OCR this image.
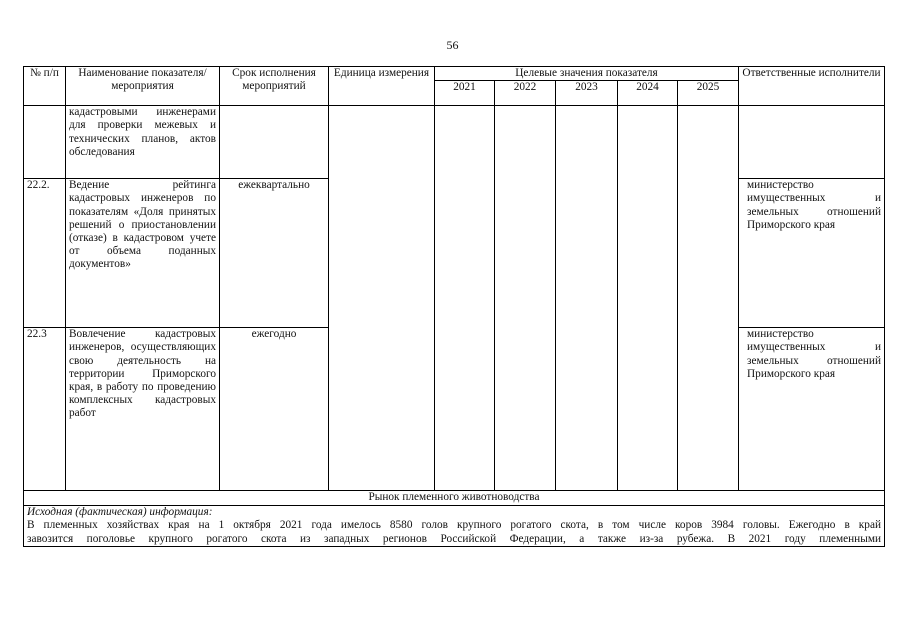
56
№ п/п	Наименование показателя/мероприятия	Срок исполнения мероприятий	Единица измерения	Целевые значения показателя					Ответственные исполнители
				2021	2022	2023	2024	2025	
	кадастровыми инженерами для проверки межевых и технических планов, актов обследования								
22.2.	Ведение рейтинга кадастровых инженеров по показателям «Доля принятых решений о приостановлении (отказе) в кадастровом учете от объема поданных документов»	ежеквартально							министерство имущественных и земельных отношений Приморского края
22.3	Вовлечение кадастровых инженеров, осуществляющих свою деятельность на территории Приморского края, в работу по проведению комплексных кадастровых работ	ежегодно							министерство имущественных и земельных отношений Приморского края
Рынок племенного животноводства									

Исходная (фактическая) информация:
В племенных хозяйствах края на 1 октября 2021 года имелось 8580 голов крупного рогатого скота, в том числе коров 3984 головы. Ежегодно в край
завозится поголовье крупного рогатого скота из западных регионов Российской Федерации, а также из-за рубежа. В 2021 году племенными									
